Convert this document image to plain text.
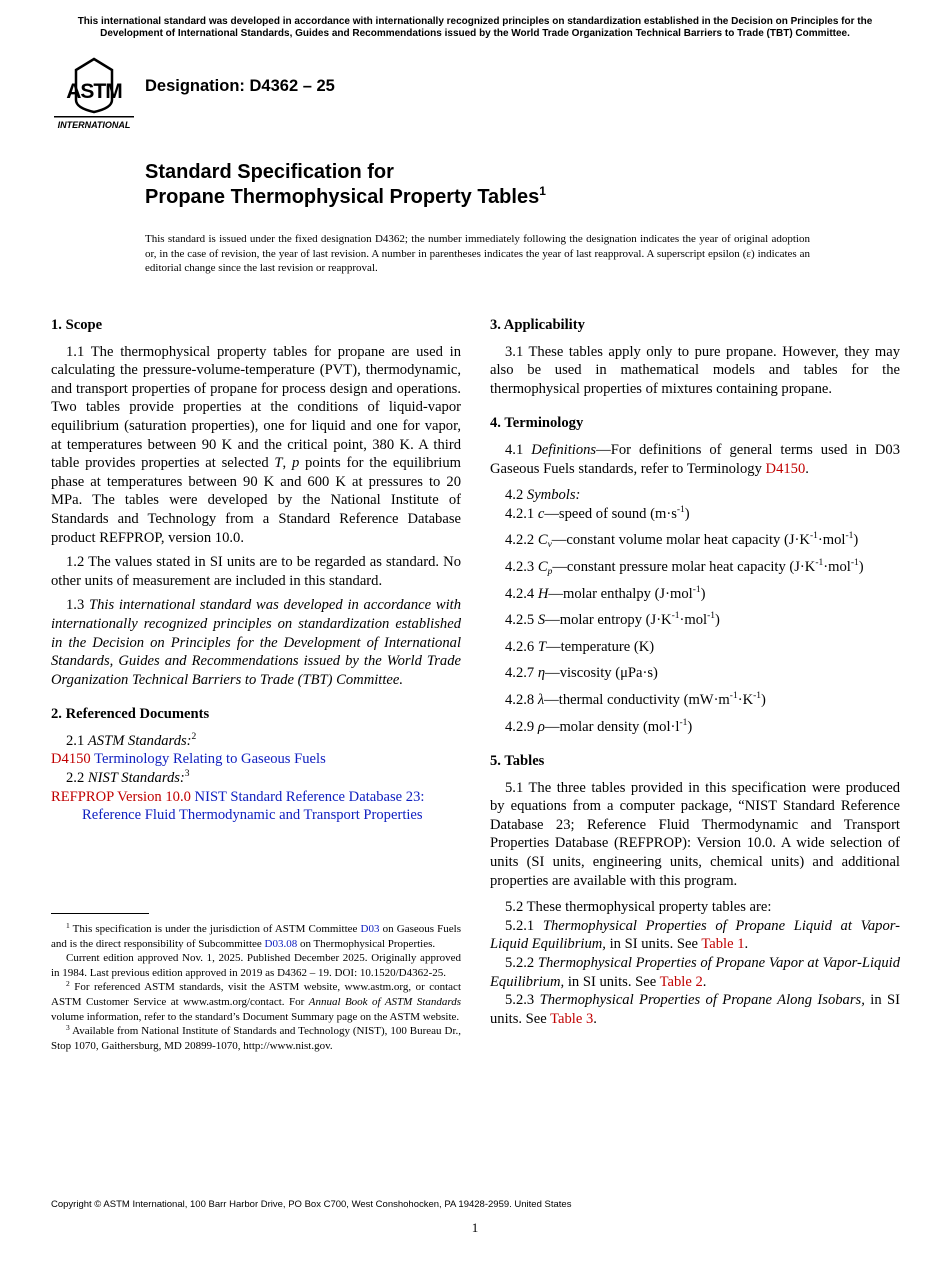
This international standard was developed in accordance with internationally recognized principles on standardization established in the Decision on Principles for the Development of International Standards, Guides and Recommendations issued by the World Trade Organization Technical Barriers to Trade (TBT) Committee.
ASTM
INTERNATIONAL
Designation: D4362 – 25
Standard Specification for
Propane Thermophysical Property Tables$^1$
This standard is issued under the fixed designation D4362; the number immediately following the designation indicates the year of original adoption or, in the case of revision, the year of last revision. A number in parentheses indicates the year of last reapproval. A superscript epsilon (ε) indicates an editorial change since the last revision or reapproval.
1. Scope

1.1 The thermophysical property tables for propane are used in calculating the pressure-volume-temperature (PVT), thermodynamic, and transport properties of propane for process design and operations. Two tables provide properties at the conditions of liquid-vapor equilibrium (saturation properties), one for liquid and one for vapor, at temperatures between 90 K and the critical point, 380 K. A third table provides properties at selected T, p points for the equilibrium phase at temperatures between 90 K and 600 K at pressures to 20 MPa. The tables were developed by the National Institute of Standards and Technology from a Standard Reference Database product REFPROP, version 10.0.

1.2 The values stated in SI units are to be regarded as standard. No other units of measurement are included in this standard.

1.3 This international standard was developed in accordance with internationally recognized principles on standardization established in the Decision on Principles for the Development of International Standards, Guides and Recommendations issued by the World Trade Organization Technical Barriers to Trade (TBT) Committee.

2. Referenced Documents

2.1 ASTM Standards:$^2$

D4150 Terminology Relating to Gaseous Fuels

2.2 NIST Standards:$^3$

REFPROP Version 10.0 NIST Standard Reference Database 23: Reference Fluid Thermodynamic and Transport Properties

$^1$ This specification is under the jurisdiction of ASTM Committee D03 on Gaseous Fuels and is the direct responsibility of Subcommittee D03.08 on Thermophysical Properties.

Current edition approved Nov. 1, 2025. Published December 2025. Originally approved in 1984. Last previous edition approved in 2019 as D4362 – 19. DOI: 10.1520/D4362-25.

$^2$ For referenced ASTM standards, visit the ASTM website, www.astm.org, or contact ASTM Customer Service at www.astm.org/contact. For Annual Book of ASTM Standards volume information, refer to the standard’s Document Summary page on the ASTM website.

$^3$ Available from National Institute of Standards and Technology (NIST), 100 Bureau Dr., Stop 1070, Gaithersburg, MD 20899-1070, http://www.nist.gov.

3. Applicability

3.1 These tables apply only to pure propane. However, they may also be used in mathematical models and tables for the thermophysical properties of mixtures containing propane.

4. Terminology

4.1 Definitions—For definitions of general terms used in D03 Gaseous Fuels standards, refer to Terminology D4150.

4.2 Symbols:

4.2.1 c—speed of sound $(m\cdot s^{-1})$

4.2.2 $C_v—constant$ volume molar heat capacity $(J\cdot K^{-1}\cdot mol^{-1})$

4.2.3 $C_p—constant$ pressure molar heat capacity $(J\cdot K^{-1}\cdot mol^{-1})$

4.2.4 H—molar enthalpy (J·mol$^{-1}$)

4.2.5 S—molar entropy $(J\cdot K^{-1}\cdot mol^{-1})$

4.2.6 T—temperature (K)

4.2.7 η—viscosity (μPa·s)

4.2.8 λ—thermal conductivity $(mW\cdot m^{-1}\cdot K^{-1})$

4.2.9 ρ—molar density $(mol\cdot l^{-1})$

5. Tables

5.1 The three tables provided in this specification were produced by equations from a computer package, “NIST Standard Reference Database 23; Reference Fluid Thermodynamic and Transport Properties Database (REFPROP): Version 10.0. A wide selection of units (SI units, engineering units, chemical units) and additional properties are available with this program.

5.2 These thermophysical property tables are:

5.2.1 Thermophysical Properties of Propane Liquid at Vapor-Liquid Equilibrium, in SI units. See Table 1.

5.2.2 Thermophysical Properties of Propane Vapor at Vapor-Liquid Equilibrium, in SI units. See Table 2.

5.2.3 Thermophysical Properties of Propane Along Isobars, in SI units. See Table 3.

Copyright © ASTM International, 100 Barr Harbor Drive, PO Box C700, West Conshohocken, PA 19428-2959. United States
1
